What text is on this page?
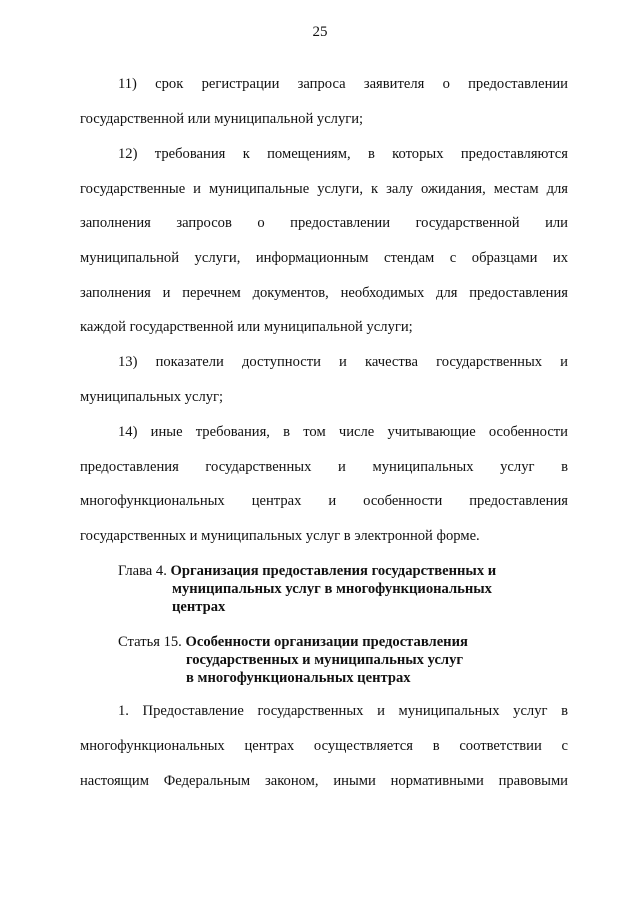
25
11) срок регистрации запроса заявителя о предоставлении
государственной или муниципальной услуги;
12) требования к помещениям, в которых предоставляются
государственные и муниципальные услуги, к залу ожидания, местам для
заполнения запросов о предоставлении государственной или
муниципальной услуги, информационным стендам с образцами их
заполнения и перечнем документов, необходимых для предоставления
каждой государственной или муниципальной услуги;
13) показатели доступности и качества государственных и
муниципальных услуг;
14) иные требования, в том числе учитывающие особенности
предоставления государственных и муниципальных услуг в
многофункциональных центрах и особенности предоставления
государственных и муниципальных услуг в электронной форме.
Глава 4. Организация предоставления государственных и
муниципальных услуг в многофункциональных
центрах
Статья 15. Особенности организации предоставления
государственных и муниципальных услуг
в многофункциональных центрах
1. Предоставление государственных и муниципальных услуг в
многофункциональных центрах осуществляется в соответствии с
настоящим Федеральным законом, иными нормативными правовыми
